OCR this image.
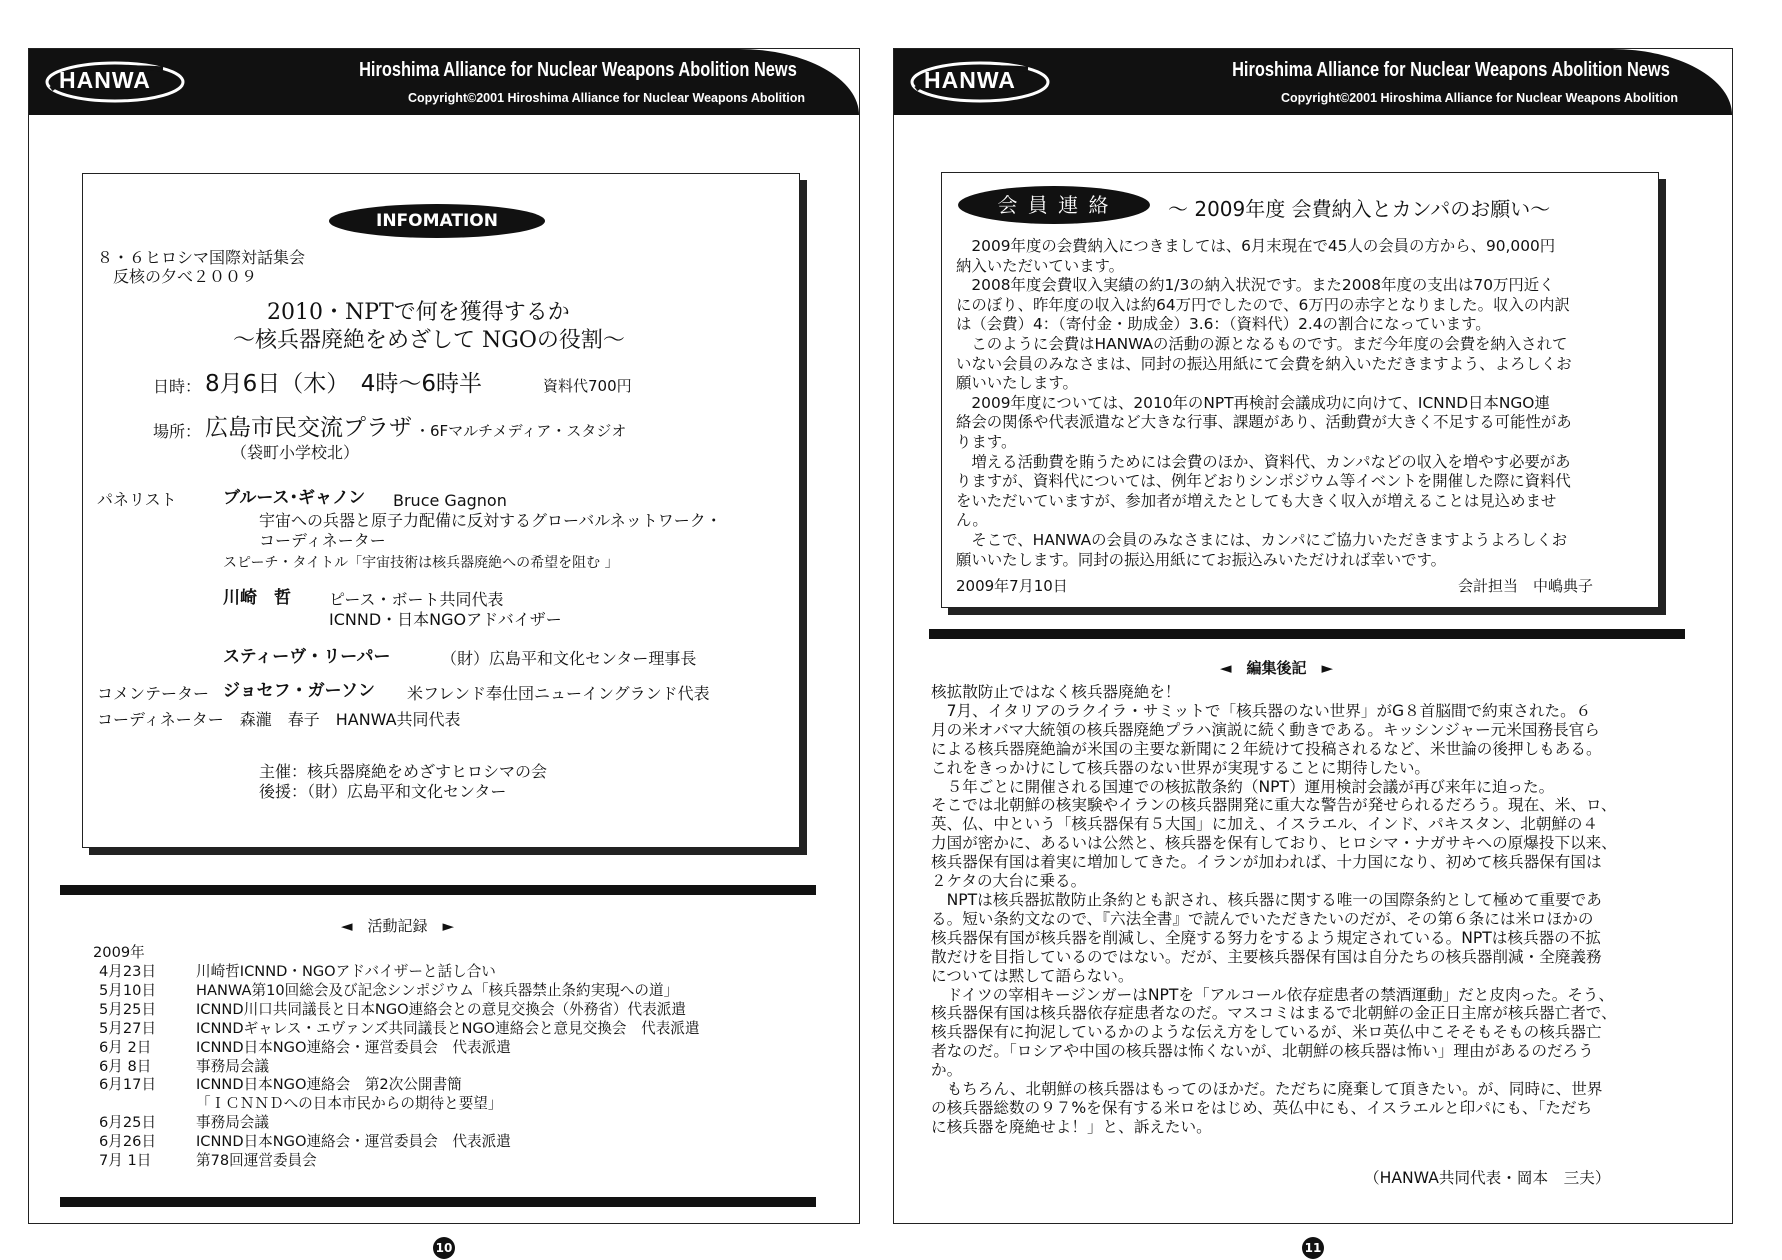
HANWA	Hiroshima Alliance for Nuclear Weapons Abolition News
Copyright©2001 Hiroshima Alliance for Nuclear Weapons Abolition
INFOMATION
８・６ヒロシマ国際対話集会
反核の夕べ２００９
2010・NPTで何を獲得するか
～核兵器廃絶をめざして NGOの役割～
日時： 8月6日（木）　4時～6時半	資料代700円
場所： 広島市民交流プラザ ・6Fマルチメディア・スタジオ
（袋町小学校北）
パネリスト	ブルース･ギャノン Bruce Gagnon
宇宙への兵器と原子力配備に反対するグローバルネットワーク・
コーディネーター
スピーチ・タイトル「宇宙技術は核兵器廃絶への希望を阻む 」
川崎　哲 ピース・ボート共同代表
ICNND・日本NGOアドバイザー
スティーヴ・リーパー	（財）広島平和文化センター理事長
コメンテーター ジョセフ・ガーソン 米フレンド奉仕団ニューイングランド代表
コーディネーター　森瀧　春子　HANWA共同代表
主催：核兵器廃絶をめざすヒロシマの会
後援：（財）広島平和文化センター
◄　活動記録　►
2009年
4月23日	川崎哲ICNND・NGOアドバイザーと話し合い
5月10日	HANWA第10回総会及び記念シンポジウム「核兵器禁止条約実現への道」
5月25日	ICNND川口共同議長と日本NGO連絡会との意見交換会（外務省）代表派遣
5月27日	ICNNDギャレス・エヴァンズ共同議長とNGO連絡会と意見交換会　代表派遣
6月 2日	ICNND日本NGO連絡会・運営委員会　代表派遣
6月 8日	事務局会議
6月17日	ICNND日本NGO連絡会　第2次公開書簡
「ＩＣＮＮＤへの日本市民からの期待と要望」
6月25日	事務局会議
6月26日	ICNND日本NGO連絡会・運営委員会　代表派遣
7月 1日	第78回運営委員会
10
HANWA	Hiroshima Alliance for Nuclear Weapons Abolition News
Copyright©2001 Hiroshima Alliance for Nuclear Weapons Abolition
会 員 連 絡	～ 2009年度 会費納入とカンパのお願い～
　2009年度の会費納入につきましては、6月末現在で45人の会員の方から、90,000円
納入いただいています。
　2008年度会費収入実績の約1/3の納入状況です。また2008年度の支出は70万円近く
にのぼり、昨年度の収入は約64万円でしたので、6万円の赤字となりました。収入の内訳
は（会費）4：（寄付金・助成金）3.6：（資料代）2.4の割合になっています。
　このように会費はHANWAの活動の源となるものです。まだ今年度の会費を納入されて
いない会員のみなさまは、同封の振込用紙にて会費を納入いただきますよう、よろしくお
願いいたします。
　2009年度については、2010年のNPT再検討会議成功に向けて、ICNND日本NGO連
絡会の関係や代表派遣など大きな行事、課題があり、活動費が大きく不足する可能性があ
ります。
　増える活動費を賄うためには会費のほか、資料代、カンパなどの収入を増やす必要があ
りますが、資料代については、例年どおりシンポジウム等イベントを開催した際に資料代
をいただいていますが、参加者が増えたとしても大きく収入が増えることは見込めませ
ん。
　そこで、HANWAの会員のみなさまには、カンパにご協力いただきますようよろしくお
願いいたします。同封の振込用紙にてお振込みいただければ幸いです。
2009年7月10日	会計担当　中嶋典子
◄　編集後記　►
核拡散防止ではなく核兵器廃絶を！
　7月、イタリアのラクイラ・サミットで「核兵器のない世界」がG８首脳間で約束された。６
月の米オバマ大統領の核兵器廃絶プラハ演説に続く動きである。キッシンジャー元米国務長官ら
による核兵器廃絶論が米国の主要な新聞に２年続けて投稿されるなど、米世論の後押しもある。
これをきっかけにして核兵器のない世界が実現することに期待したい。
　５年ごとに開催される国連での核拡散条約（NPT）運用検討会議が再び来年に迫った。
そこでは北朝鮮の核実験やイランの核兵器開発に重大な警告が発せられるだろう。現在、米、ロ、
英、仏、中という「核兵器保有５大国」に加え、イスラエル、インド、パキスタン、北朝鮮の４
力国が密かに、あるいは公然と、核兵器を保有しており、ヒロシマ・ナガサキへの原爆投下以来、
核兵器保有国は着実に増加してきた。イランが加われば、十力国になり、初めて核兵器保有国は
２ケタの大台に乗る。
　NPTは核兵器拡散防止条約とも訳され、核兵器に関する唯一の国際条約として極めて重要であ
る。短い条約文なので、『六法全書』で読んでいただきたいのだが、その第６条には米ロほかの
核兵器保有国が核兵器を削減し、全廃する努力をするよう規定されている。NPTは核兵器の不拡
散だけを目指しているのではない。だが、主要核兵器保有国は自分たちの核兵器削減・全廃義務
については黙して語らない。
　ドイツの宰相キージンガーはNPTを「アルコール依存症患者の禁酒運動」だと皮肉った。そう、
核兵器保有国は核兵器依存症患者なのだ。マスコミはまるで北朝鮮の金正日主席が核兵器亡者で、
核兵器保有に拘泥しているかのような伝え方をしているが、米ロ英仏中こそそもそもの核兵器亡
者なのだ。「ロシアや中国の核兵器は怖くないが、北朝鮮の核兵器は怖い」理由があるのだろう
か。
　もちろん、北朝鮮の核兵器はもってのほかだ。ただちに廃棄して頂きたい。が、同時に、世界
の核兵器総数の９７%を保有する米ロをはじめ、英仏中にも、イスラエルと印パにも、「ただち
に核兵器を廃絶せよ！」と、訴えたい。
（HANWA共同代表・岡本　三夫）
11
